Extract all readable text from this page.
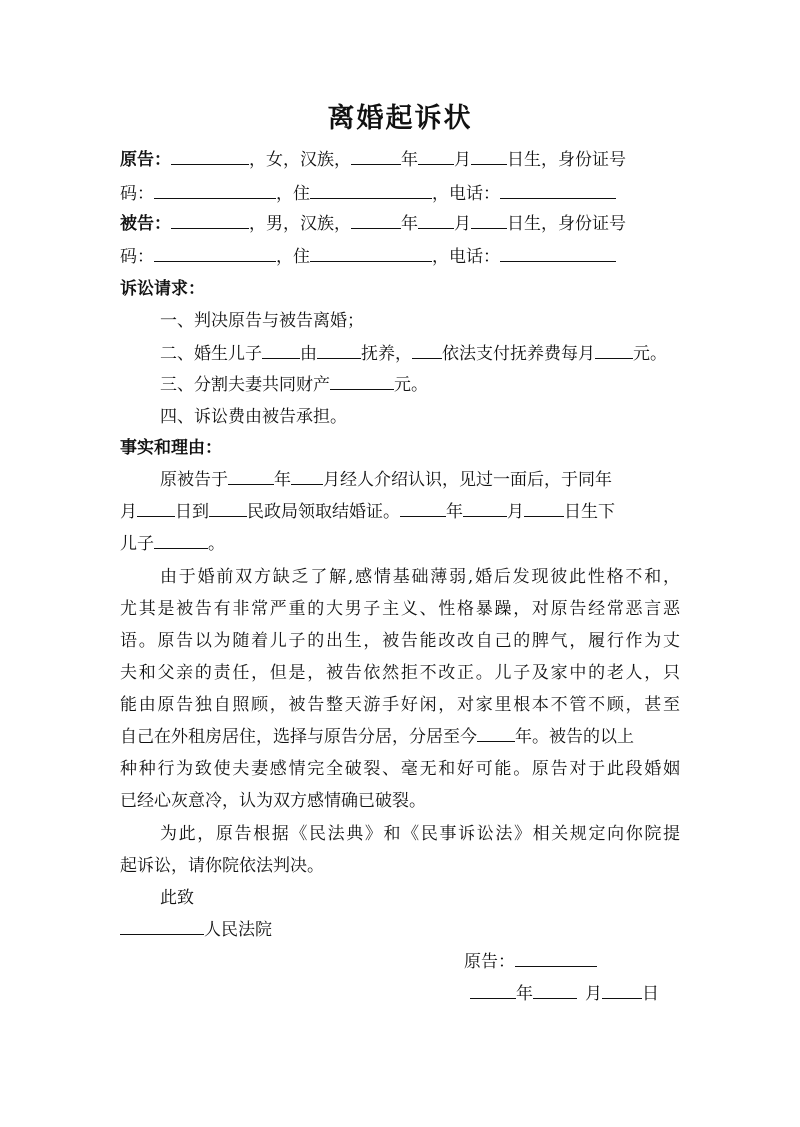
离婚起诉状
原告：	，女，汉族，	年 月 日生，身份证号
码：	，住	，电话：
被告：	，男，汉族，	年 月 日生，身份证号
码：	，住	，电话：
诉讼请求：
一、判决原告与被告离婚；
二、婚生儿子 由	抚养， 依法支付抚养费每月 元。
三、分割夫妻共同财产	元。
四、诉讼费由被告承担。
事实和理由：
原被告于	年 月经人介绍认识，见过一面后，于同年
月 日到 民政局领取结婚证。	年	月 日生下
儿子	。
由于婚前双方缺乏了解,感情基础薄弱,婚后发现彼此性格不和，
尤其是被告有非常严重的大男子主义、性格暴躁，对原告经常恶言恶
语。原告以为随着儿子的出生，被告能改改自己的脾气，履行作为丈
夫和父亲的责任，但是，被告依然拒不改正。儿子及家中的老人，只
能由原告独自照顾，被告整天游手好闲，对家里根本不管不顾，甚至
自己在外租房居住，选择与原告分居，分居至今 年。被告的以上
种种行为致使夫妻感情完全破裂、毫无和好可能。原告对于此段婚姻
已经心灰意冷，认为双方感情确已破裂。
为此，原告根据《民法典》和《民事诉讼法》相关规定向你院提
起诉讼，请你院依法判决。
此致
人民法院
原告：
年	月 日
